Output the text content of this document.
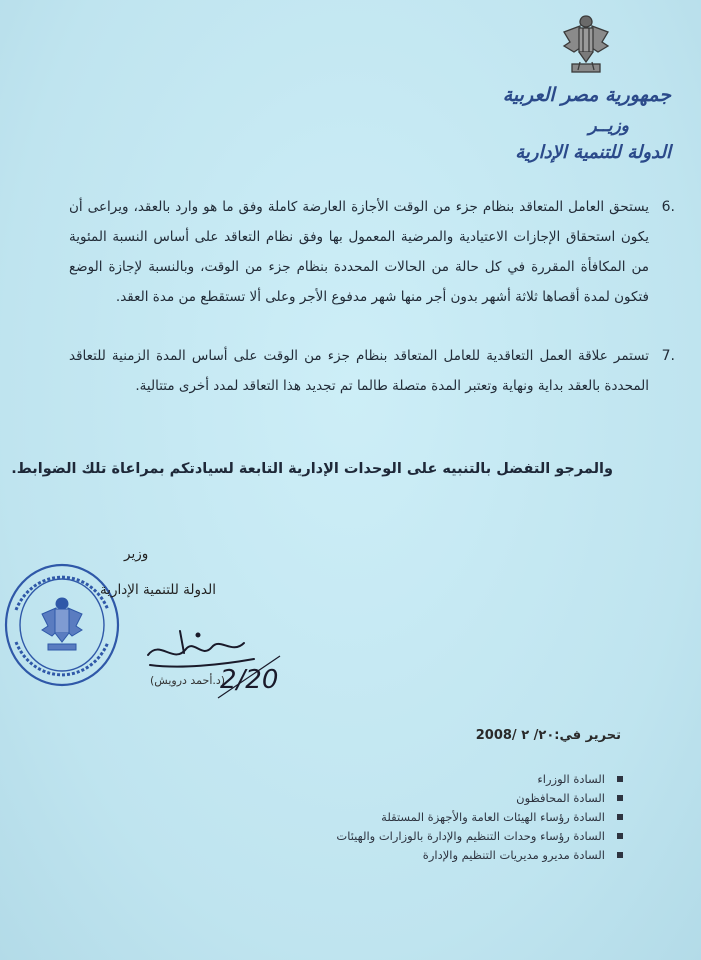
جمهورية مصر العربية
وزيــر
الدولة للتنمية الإدارية
.6
يستحق العامل المتعاقد بنظام جزء من الوقت الأجازة العارضة كاملة وفق ما هو وارد بالعقد، ويراعى أن يكون استحقاق الإجازات الاعتيادية والمرضية المعمول بها وفق نظام التعاقد على أساس النسبة المئوية من المكافأة المقررة في كل حالة من الحالات المحددة بنظام جزء من الوقت، وبالنسبة لإجازة الوضع فتكون لمدة أقصاها ثلاثة أشهر بدون أجر منها شهر مدفوع الأجر وعلى ألا تستقطع من مدة العقد.
.7
تستمر علاقة العمل التعاقدية للعامل المتعاقد بنظام جزء من الوقت على أساس المدة الزمنية للتعاقد المحددة بالعقد بداية ونهاية وتعتبر المدة متصلة طالما تم تجديد هذا التعاقد لمدد أخرى متتالية.
والمرجو التفضل بالتنبيه على الوحدات الإدارية التابعة لسيادتكم بمراعاة تلك الضوابط.
وزير
الدولة للتنمية الإدارية
(د.أحمد درويش)
2/20
تحرير في:٢٠/ ٢ /2008
السادة الوزراء
السادة المحافظون
السادة رؤساء الهيئات العامة والأجهزة المستقلة
السادة رؤساء وحدات التنظيم والإدارة بالوزارات والهيئات
السادة مديرو مديريات التنظيم والإدارة
